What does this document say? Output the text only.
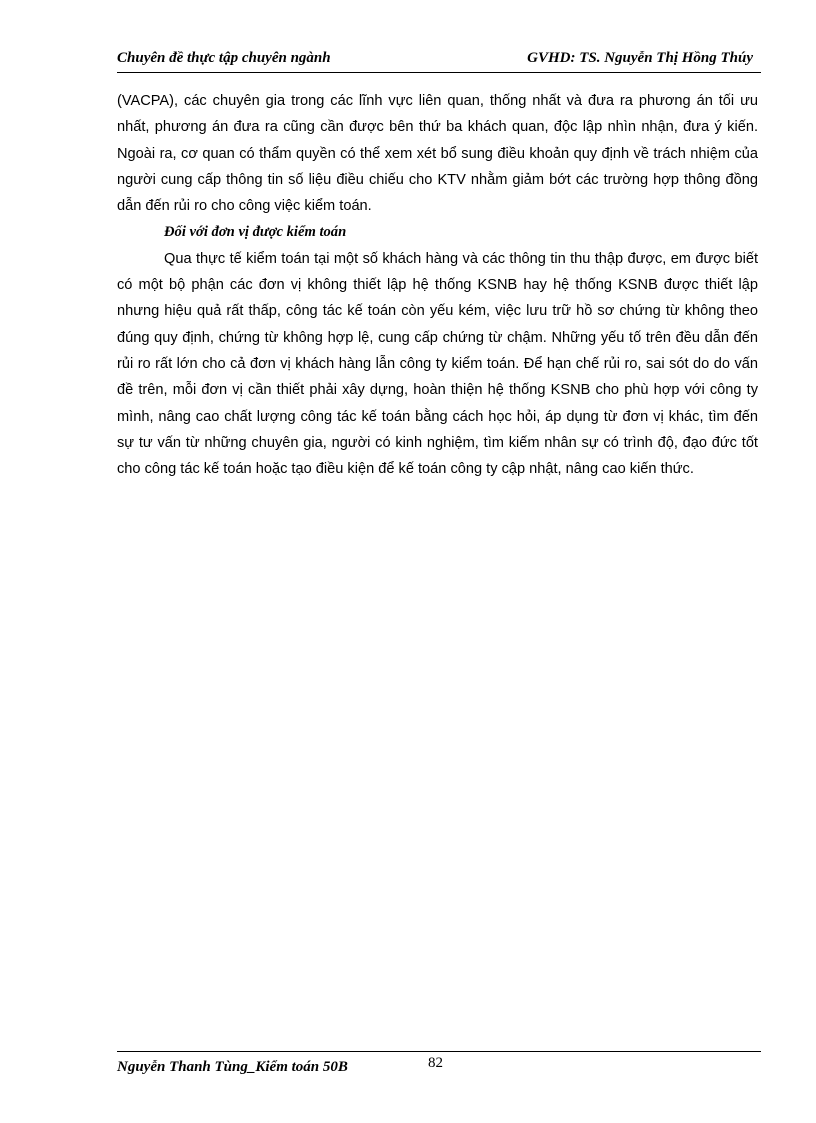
Chuyên đề thực tập chuyên ngành	GVHD: TS. Nguyễn Thị Hồng Thúy

(VACPA), các chuyên gia trong các lĩnh vực liên quan, thống nhất và đưa ra phương án tối ưu nhất, phương án đưa ra cũng cần được bên thứ ba khách quan, độc lập nhìn nhận, đưa ý kiến. Ngoài ra, cơ quan có thẩm quyền có thể xem xét bổ sung điều khoản quy định về trách nhiệm của người cung cấp thông tin số liệu điều chiếu cho KTV nhằm giảm bớt các trường hợp thông đồng dẫn đến rủi ro cho công việc kiểm toán.

Đối với đơn vị được kiểm toán

Qua thực tế kiểm toán tại một số khách hàng và các thông tin thu thập được, em được biết có một bộ phận các đơn vị không thiết lập hệ thống KSNB hay hệ thống KSNB được thiết lập nhưng hiệu quả rất thấp, công tác kế toán còn yếu kém, việc lưu trữ hồ sơ chứng từ không theo đúng quy định, chứng từ không hợp lệ, cung cấp chứng từ chậm. Những yếu tố trên đều dẫn đến rủi ro rất lớn cho cả đơn vị khách hàng lẫn công ty kiểm toán. Để hạn chế rủi ro, sai sót do do vấn đề trên, mỗi đơn vị cần thiết phải xây dựng, hoàn thiện hệ thống KSNB cho phù hợp với công ty mình, nâng cao chất lượng công tác kế toán bằng cách học hỏi, áp dụng từ đơn vị khác, tìm đến sự tư vấn từ những chuyên gia, người có kinh nghiệm, tìm kiếm nhân sự có trình độ, đạo đức tốt cho công tác kế toán hoặc tạo điều kiện để kế toán công ty cập nhật, nâng cao kiến thức.

Nguyễn Thanh Tùng_Kiểm toán 50B	82
